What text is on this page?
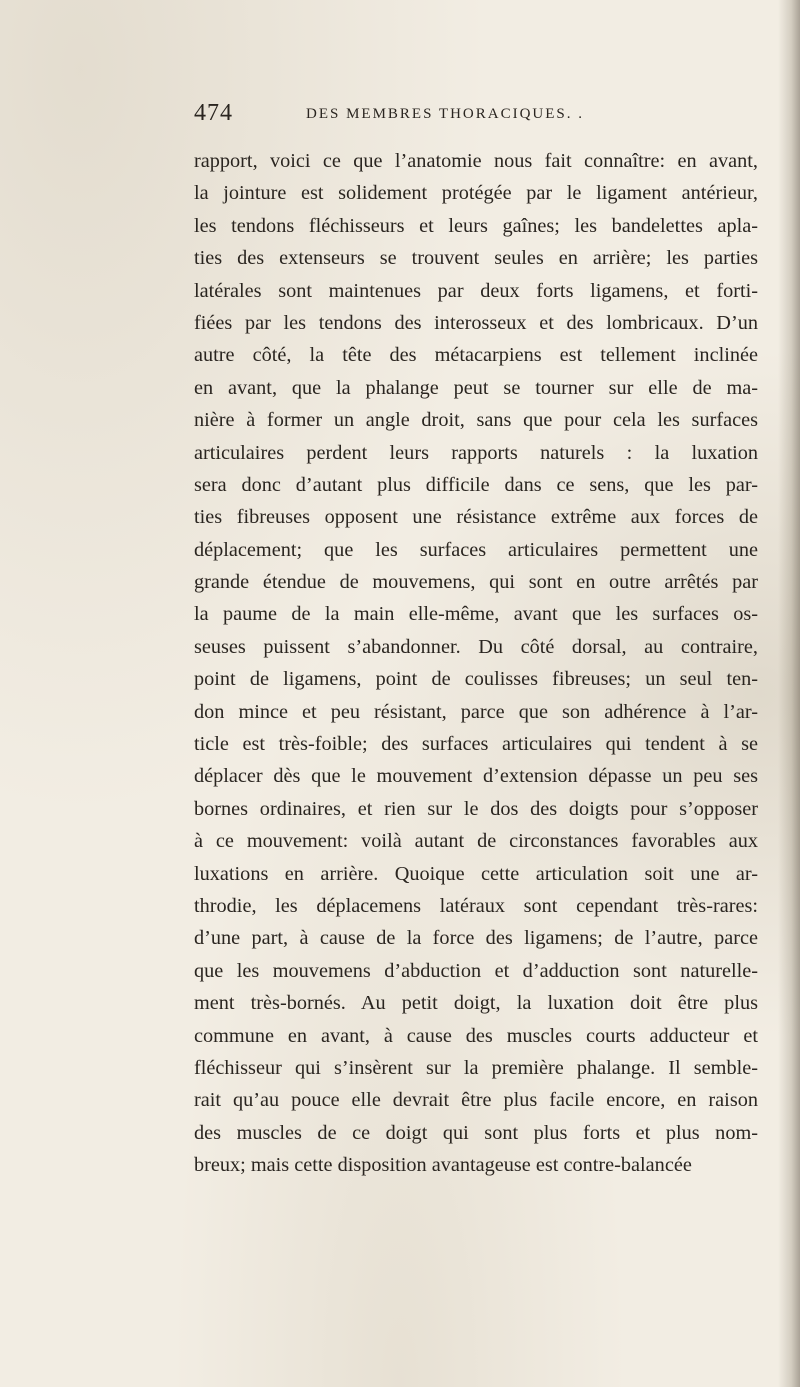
474	DES MEMBRES THORACIQUES. .
rapport, voici ce que l’anatomie nous fait connaître: en avant,
la jointure est solidement protégée par le ligament antérieur,
les tendons fléchisseurs et leurs gaînes; les bandelettes apla-
ties des extenseurs se trouvent seules en arrière; les parties
latérales sont maintenues par deux forts ligamens, et forti-
fiées par les tendons des interosseux et des lombricaux. D’un
autre côté, la tête des métacarpiens est tellement inclinée
en avant, que la phalange peut se tourner sur elle de ma-
nière à former un angle droit, sans que pour cela les surfaces
articulaires perdent leurs rapports naturels : la luxation
sera donc d’autant plus difficile dans ce sens, que les par-
ties fibreuses opposent une résistance extrême aux forces de
déplacement; que les surfaces articulaires permettent une
grande étendue de mouvemens, qui sont en outre arrêtés par
la paume de la main elle-même, avant que les surfaces os-
seuses puissent s’abandonner. Du côté dorsal, au contraire,
point de ligamens, point de coulisses fibreuses; un seul ten-
don mince et peu résistant, parce que son adhérence à l’ar-
ticle est très-foible; des surfaces articulaires qui tendent à se
déplacer dès que le mouvement d’extension dépasse un peu ses
bornes ordinaires, et rien sur le dos des doigts pour s’opposer
à ce mouvement: voilà autant de circonstances favorables aux
luxations en arrière. Quoique cette articulation soit une ar-
throdie, les déplacemens latéraux sont cependant très-rares:
d’une part, à cause de la force des ligamens; de l’autre, parce
que les mouvemens d’abduction et d’adduction sont naturelle-
ment très-bornés. Au petit doigt, la luxation doit être plus
commune en avant, à cause des muscles courts adducteur et
fléchisseur qui s’insèrent sur la première phalange. Il semble-
rait qu’au pouce elle devrait être plus facile encore, en raison
des muscles de ce doigt qui sont plus forts et plus nom-
breux; mais cette disposition avantageuse est contre-balancée
